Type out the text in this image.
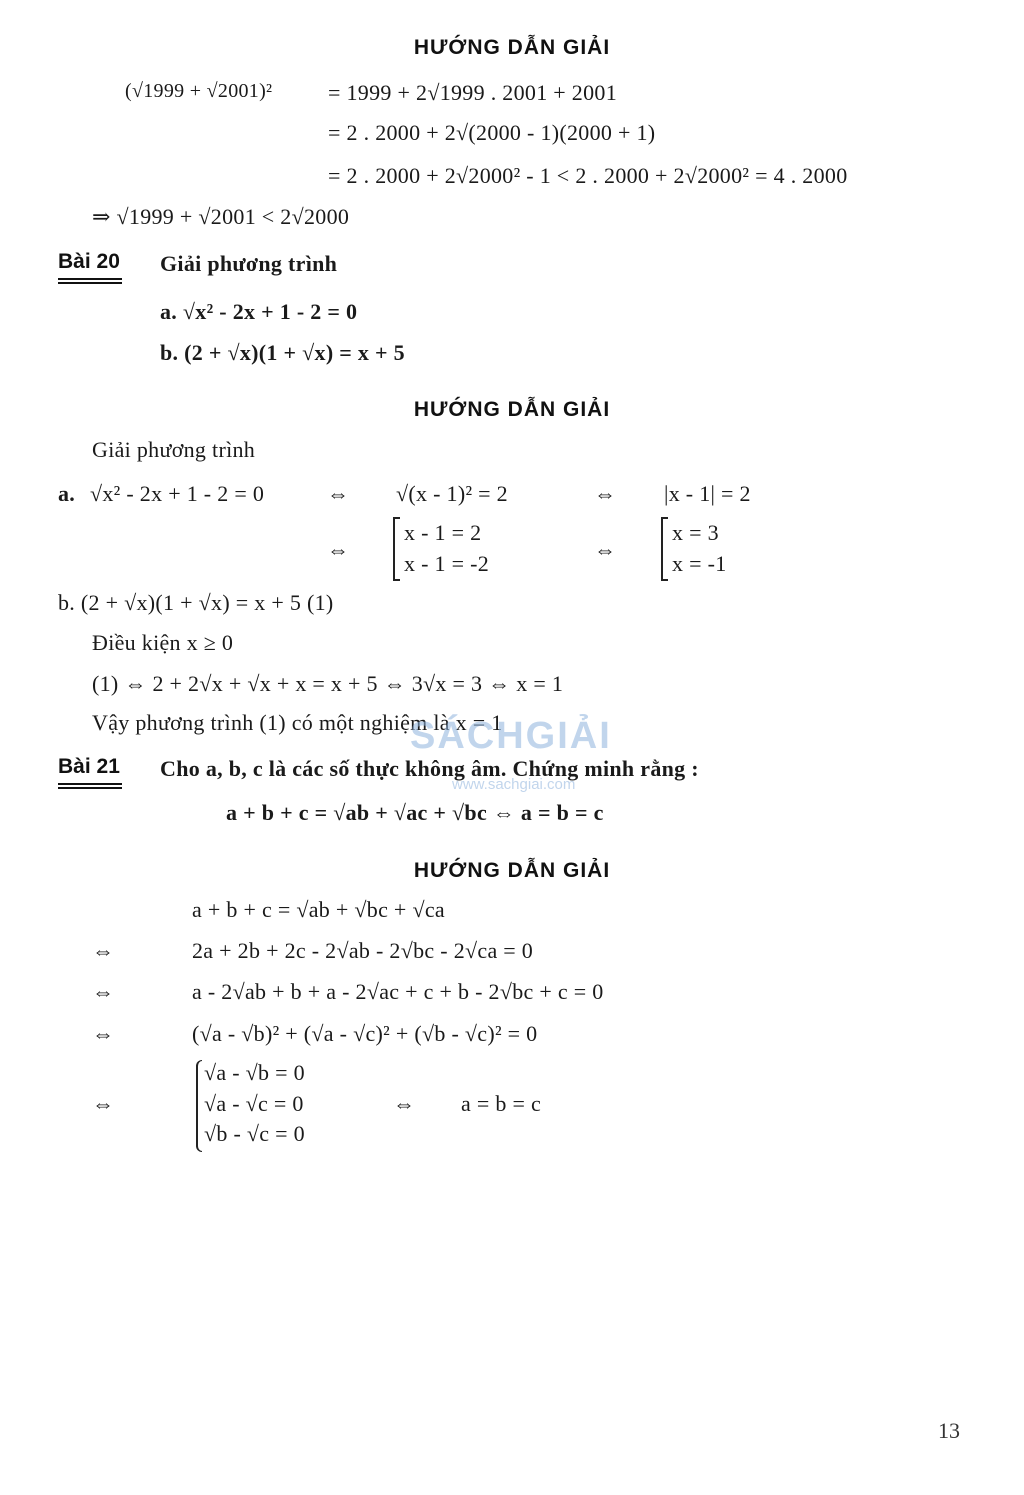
HƯỚNG DẪN GIẢI
(√1999 + √2001)²	= 1999 + 2√1999 . 2001 + 2001
= 2 . 2000 + 2√(2000 - 1)(2000 + 1)
= 2 . 2000 + 2√2000² - 1 < 2 . 2000 + 2√2000² = 4 . 2000
⇒ √1999 + √2001 < 2√2000
Bài 20 Giải phương trình
a. √x² - 2x + 1 - 2 = 0
b. (2 + √x)(1 + √x) = x + 5
HƯỚNG DẪN GIẢI
Giải phương trình
a. √x² - 2x + 1 - 2 = 0	⇔ √(x - 1)² = 2	⇔ |x - 1| = 2
⇔
x - 1 = 2
x - 1 = -2
⇔
x = 3
x = -1
b. (2 + √x)(1 + √x) = x + 5 (1)
Điều kiện x ≥ 0
(1) ⇔ 2 + 2√x + √x + x = x + 5 ⇔ 3√x = 3 ⇔ x = 1
Vậy phương trình (1) có một nghiệm là x = 1
SÁCHGIẢI
www.sachgiai.com
Bài 21 Cho a, b, c là các số thực không âm. Chứng minh rằng :
a + b + c = √ab + √ac + √bc ⇔ a = b = c
HƯỚNG DẪN GIẢI
a + b + c = √ab + √bc + √ca
⇔	2a + 2b + 2c - 2√ab - 2√bc - 2√ca = 0
⇔	a - 2√ab + b + a - 2√ac + c + b - 2√bc + c = 0
⇔	(√a - √b)² + (√a - √c)² + (√b - √c)² = 0
⇔
√a - √b = 0
√a - √c = 0
√b - √c = 0
⇔ a = b = c
13
